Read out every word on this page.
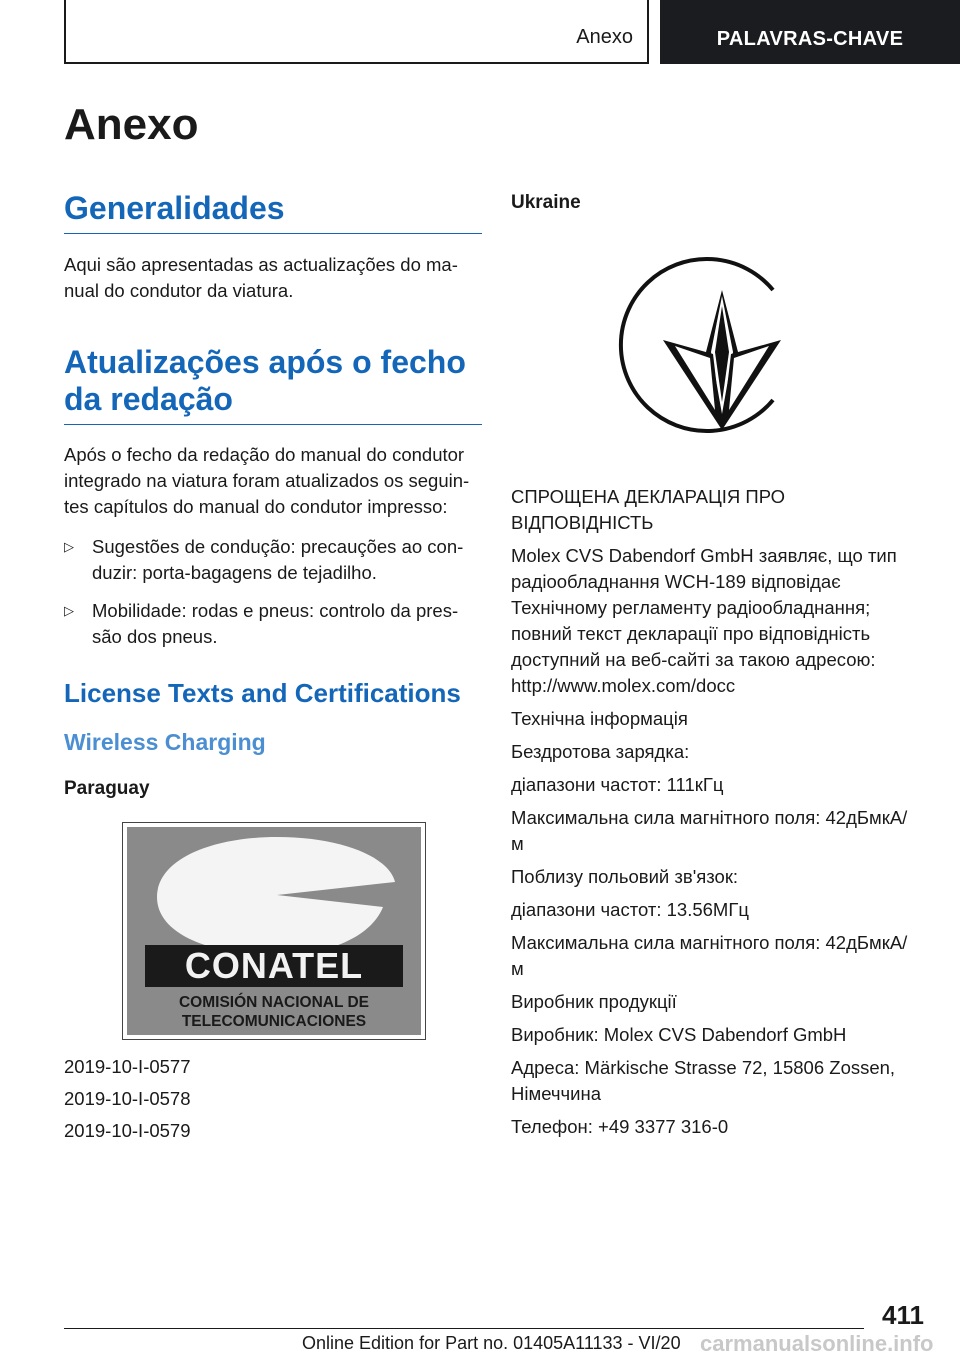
Anexo	PALAVRAS-CHAVE
Anexo
Generalidades

Aqui são apresentadas as actualizações do ma-nual do condutor da viatura.

Atualizações após o fecho
da redação

Após o fecho da redação do manual do condutor integrado na viatura foram atualizados os seguin-tes capítulos do manual do condutor impresso:

▷ Sugestões de condução: precauções ao con-duzir: porta-bagagens de tejadilho.
▷ Mobilidade: rodas e pneus: controlo da pres-são dos pneus.
License Texts and Certifications
Wireless Charging
Paraguay
CONATEL
COMISIÓN NACIONAL DE
TELECOMUNICACIONES

2019-10-I-0577

2019-10-I-0578

2019-10-I-0579

Ukraine

СПРОЩЕНА ДЕКЛАРАЦІЯ ПРО ВІДПОВІДНІСТЬ

Molex CVS Dabendorf GmbH заявляє, що тип радіообладнання WCH-189 відповідає Технічному регламенту радіообладнання; повний текст декларації про відповідність доступний на веб-сайті за такою адресою: http://www.molex.com/docc

Технічна інформація

Бездротова зарядка:

діапазони частот: 111кГц

Максимальна сила магнітного поля: 42дБмкА/м

Поблизу польовий зв'язок:

діапазони частот: 13.56МГц

Максимальна сила магнітного поля: 42дБмкА/м

Виробник продукції

Виробник: Molex CVS Dabendorf GmbH

Адреса: Märkische Strasse 72, 15806 Zossen, Німеччина

Телефон: +49 3377 316-0

411
Online Edition for Part no. 01405A11133 - VI/20 carmanualsonline.info
